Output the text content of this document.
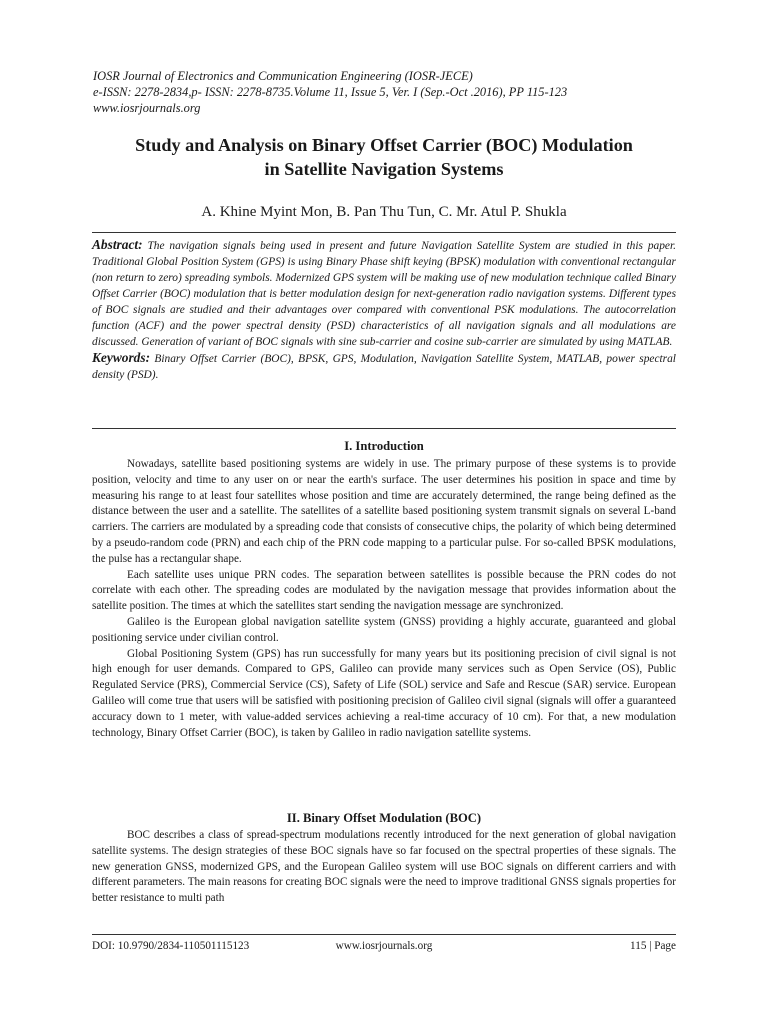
IOSR Journal of Electronics and Communication Engineering (IOSR-JECE)
e-ISSN: 2278-2834,p- ISSN: 2278-8735.Volume 11, Issue 5, Ver. I (Sep.-Oct .2016), PP 115-123
www.iosrjournals.org
Study and Analysis on Binary Offset Carrier (BOC) Modulation
in Satellite Navigation Systems
A. Khine Myint Mon, B. Pan Thu Tun, C. Mr. Atul P. Shukla

Abstract: The navigation signals being used in present and future Navigation Satellite System are studied in this paper. Traditional Global Position System (GPS) is using Binary Phase shift keying (BPSK) modulation with conventional rectangular (non return to zero) spreading symbols. Modernized GPS system will be making use of new modulation technique called Binary Offset Carrier (BOC) modulation that is better modulation design for next-generation radio navigation systems. Different types of BOC signals are studied and their advantages over compared with conventional PSK modulations. The autocorrelation function (ACF) and the power spectral density (PSD) characteristics of all navigation signals and all modulations are discussed. Generation of variant of BOC signals with sine sub-carrier and cosine sub-carrier are simulated by using MATLAB.

Keywords: Binary Offset Carrier (BOC), BPSK, GPS, Modulation, Navigation Satellite System, MATLAB, power spectral density (PSD).

I. Introduction

Nowadays, satellite based positioning systems are widely in use. The primary purpose of these systems is to provide position, velocity and time to any user on or near the earth's surface. The user determines his position in space and time by measuring his range to at least four satellites whose position and time are accurately determined, the range being defined as the distance between the user and a satellite. The satellites of a satellite based positioning system transmit signals on several L-band carriers. The carriers are modulated by a spreading code that consists of consecutive chips, the polarity of which being determined by a pseudo-random code (PRN) and each chip of the PRN code mapping to a particular pulse. For so-called BPSK modulations, the pulse has a rectangular shape.

Each satellite uses unique PRN codes. The separation between satellites is possible because the PRN codes do not correlate with each other. The spreading codes are modulated by the navigation message that provides information about the satellite position. The times at which the satellites start sending the navigation message are synchronized.

Galileo is the European global navigation satellite system (GNSS) providing a highly accurate, guaranteed and global positioning service under civilian control.

Global Positioning System (GPS) has run successfully for many years but its positioning precision of civil signal is not high enough for user demands. Compared to GPS, Galileo can provide many services such as Open Service (OS), Public Regulated Service (PRS), Commercial Service (CS), Safety of Life (SOL) service and Safe and Rescue (SAR) service. European Galileo will come true that users will be satisfied with positioning precision of Galileo civil signal (signals will offer a guaranteed accuracy down to 1 meter, with value-added services achieving a real-time accuracy of 10 cm). For that, a new modulation technology, Binary Offset Carrier (BOC), is taken by Galileo in radio navigation satellite systems.

II. Binary Offset Modulation (BOC)

BOC describes a class of spread-spectrum modulations recently introduced for the next generation of global navigation satellite systems. The design strategies of these BOC signals have so far focused on the spectral properties of these signals. The new generation GNSS, modernized GPS, and the European Galileo system will use BOC signals on different carriers and with different parameters. The main reasons for creating BOC signals were the need to improve traditional GNSS signals properties for better resistance to multi path

DOI: 10.9790/2834-110501115123	www.iosrjournals.org	115 | Page
